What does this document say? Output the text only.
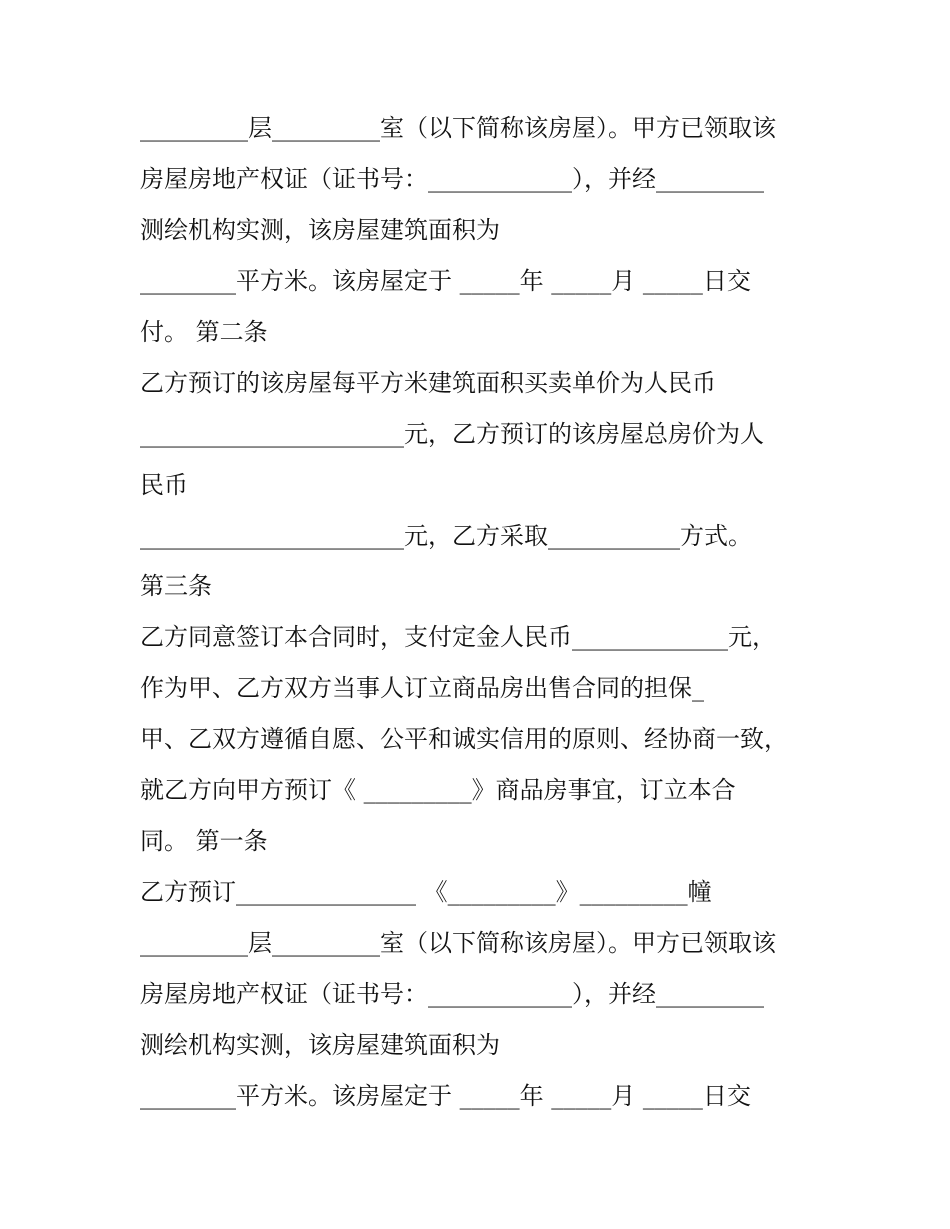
_________层_________室（以下简称该房屋）。甲方已领取该
房屋房地产权证（证书号：____________），并经_________
测绘机构实测，该房屋建筑面积为
________平方米。该房屋定于 _____年 _____月 _____日交
付。 第二条
乙方预订的该房屋每平方米建筑面积买卖单价为人民币
______________________元，乙方预订的该房屋总房价为人
民币
______________________元，乙方采取___________方式。
第三条
乙方同意签订本合同时，支付定金人民币_____________元，
作为甲、乙方双方当事人订立商品房出售合同的担保_
甲、乙双方遵循自愿、公平和诚实信用的原则、经协商一致，
就乙方向甲方预订《 _________》商品房事宜，订立本合
同。 第一条
乙方预订_______________ 《_________》_________幢
_________层_________室（以下简称该房屋）。甲方已领取该
房屋房地产权证（证书号：____________），并经_________
测绘机构实测，该房屋建筑面积为
________平方米。该房屋定于 _____年 _____月 _____日交
